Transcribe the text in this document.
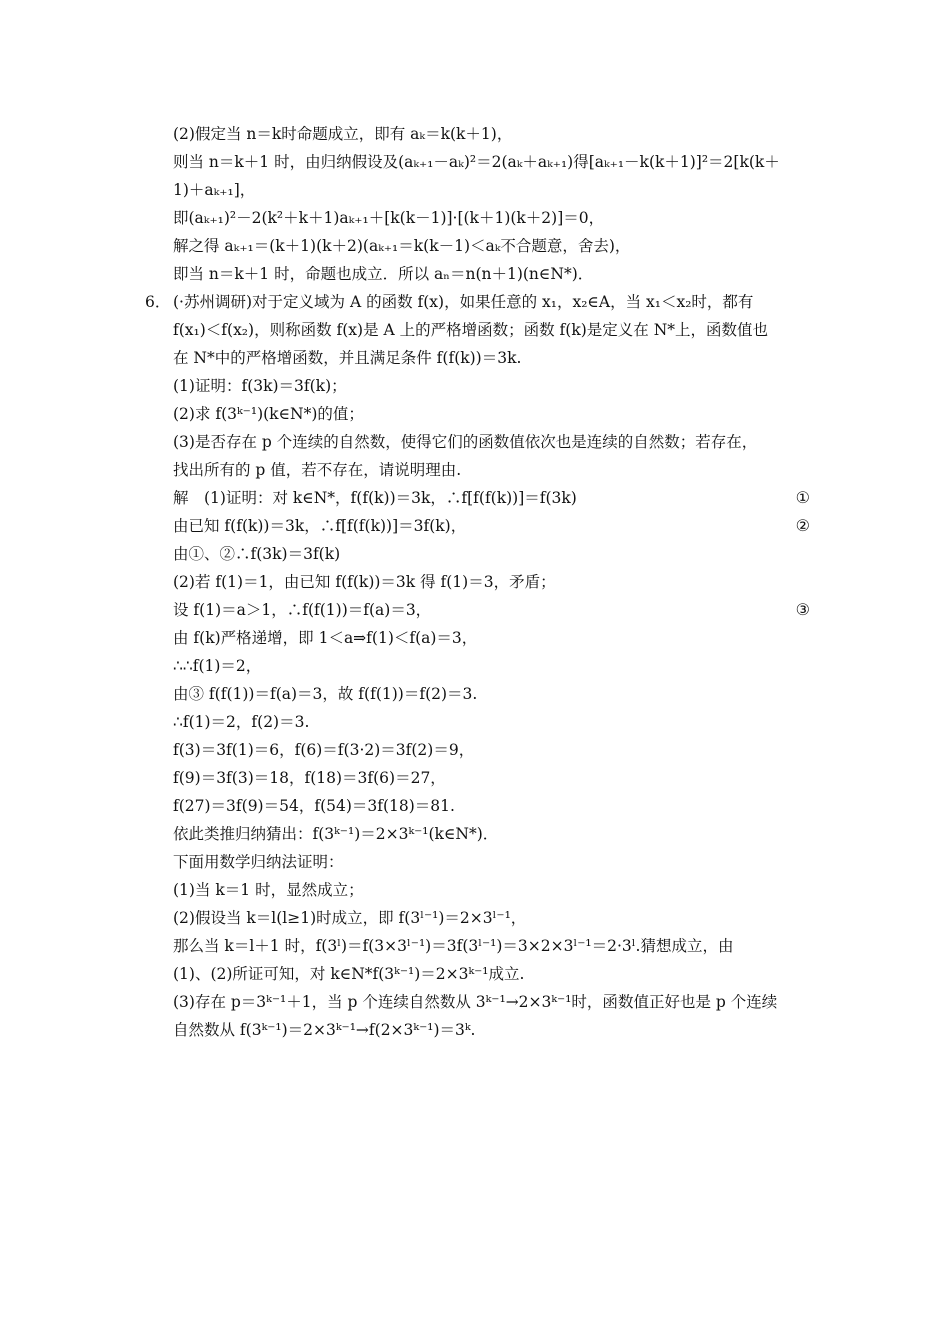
(2)假定当 n＝k时命题成立，即有 aₖ＝k(k＋1)，
则当 n＝k＋1 时，由归纳假设及(aₖ₊₁－aₖ)²＝2(aₖ＋aₖ₊₁)得[aₖ₊₁－k(k＋1)]²＝2[k(k＋
1)＋aₖ₊₁]，
即(aₖ₊₁)²－2(k²＋k＋1)aₖ₊₁＋[k(k－1)]·[(k＋1)(k＋2)]＝0，
解之得 aₖ₊₁＝(k＋1)(k＋2)(aₖ₊₁＝k(k－1)＜aₖ不合题意，舍去)，
即当 n＝k＋1 时，命题也成立．所以 aₙ＝n(n＋1)(n∈N*)．
6． (·苏州调研)对于定义域为 A 的函数 f(x)，如果任意的 x₁，x₂∈A，当 x₁＜x₂时，都有
f(x₁)＜f(x₂)，则称函数 f(x)是 A 上的严格增函数；函数 f(k)是定义在 N*上，函数值也
在 N*中的严格增函数，并且满足条件 f(f(k))＝3k.
(1)证明：f(3k)＝3f(k)；
(2)求 f(3ᵏ⁻¹)(k∈N*)的值；
(3)是否存在 p 个连续的自然数，使得它们的函数值依次也是连续的自然数；若存在，
找出所有的 p 值，若不存在，请说明理由.
解　(1)证明：对 k∈N*，f(f(k))＝3k，∴f[f(f(k))]＝f(3k)	①
由已知 f(f(k))＝3k，∴f[f(f(k))]＝3f(k)，	②
由①、②∴f(3k)＝3f(k)
(2)若 f(1)＝1，由已知 f(f(k))＝3k 得 f(1)＝3，矛盾；
设 f(1)＝a＞1，∴f(f(1))＝f(a)＝3，	③
由 f(k)严格递增，即 1＜a⇒f(1)＜f(a)＝3，
∴∴f(1)＝2，
由③ f(f(1))＝f(a)＝3，故 f(f(1))＝f(2)＝3.
∴f(1)＝2，f(2)＝3.
f(3)＝3f(1)＝6，f(6)＝f(3·2)＝3f(2)＝9，
f(9)＝3f(3)＝18，f(18)＝3f(6)＝27，
f(27)＝3f(9)＝54，f(54)＝3f(18)＝81.
依此类推归纳猜出：f(3ᵏ⁻¹)＝2×3ᵏ⁻¹(k∈N*)．
下面用数学归纳法证明：
(1)当 k＝1 时，显然成立；
(2)假设当 k＝l(l≥1)时成立，即 f(3ˡ⁻¹)＝2×3ˡ⁻¹，
那么当 k＝l＋1 时，f(3ˡ)＝f(3×3ˡ⁻¹)＝3f(3ˡ⁻¹)＝3×2×3ˡ⁻¹＝2·3ˡ.猜想成立，由
(1)、(2)所证可知，对 k∈N*f(3ᵏ⁻¹)＝2×3ᵏ⁻¹成立.
(3)存在 p＝3ᵏ⁻¹＋1，当 p 个连续自然数从 3ᵏ⁻¹→2×3ᵏ⁻¹时，函数值正好也是 p 个连续
自然数从 f(3ᵏ⁻¹)＝2×3ᵏ⁻¹→f(2×3ᵏ⁻¹)＝3ᵏ.
